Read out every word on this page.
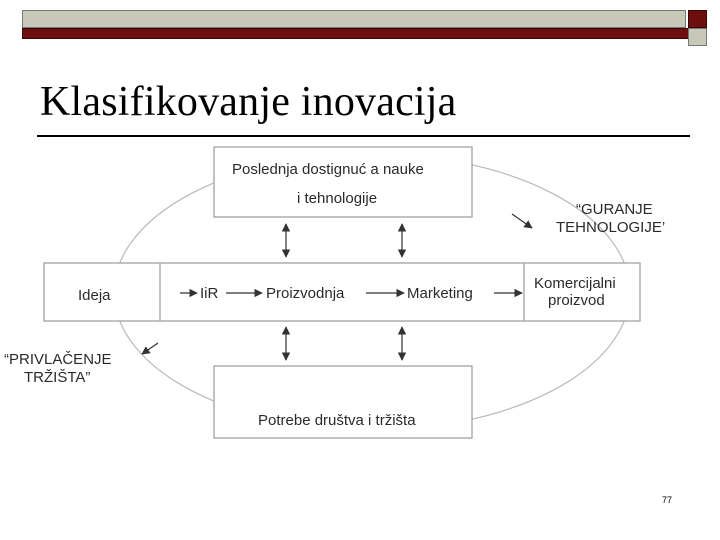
Klasifikovanje inovacija
Poslednja dostignuć a nauke
i tehnologije
Potrebe društva i tržišta
Ideja	IiR	Proizvodnja	Marketing
Komercijalni
proizvod
“GURANJE
TEHNOLOGIJE’
“PRIVLAČENJE
TRŽIŠTA”
77
